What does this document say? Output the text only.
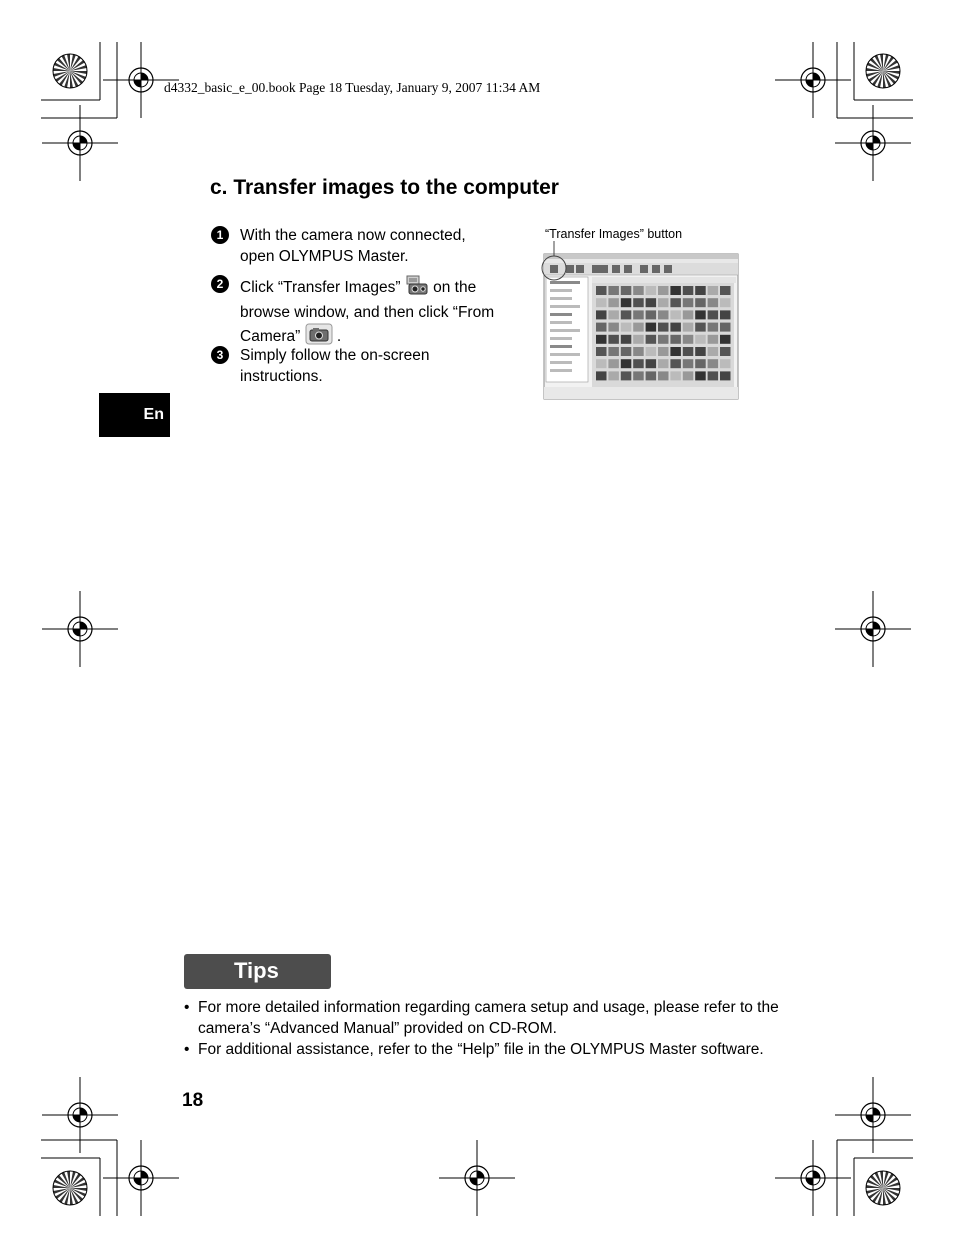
d4332_basic_e_00.book Page 18 Tuesday, January 9, 2007 11:34 AM
c. Transfer images to the computer
1	With the camera now connected, open OLYMPUS Master.
2	Click “Transfer Images” on the browse window, and then click “From Camera” .
3	Simply follow the on-screen instructions.
“Transfer Images” button
En
Tips
• For more detailed information regarding camera setup and usage, please refer to the camera’s “Advanced Manual” provided on CD-ROM.
• For additional assistance, refer to the “Help” file in the OLYMPUS Master software.
18
